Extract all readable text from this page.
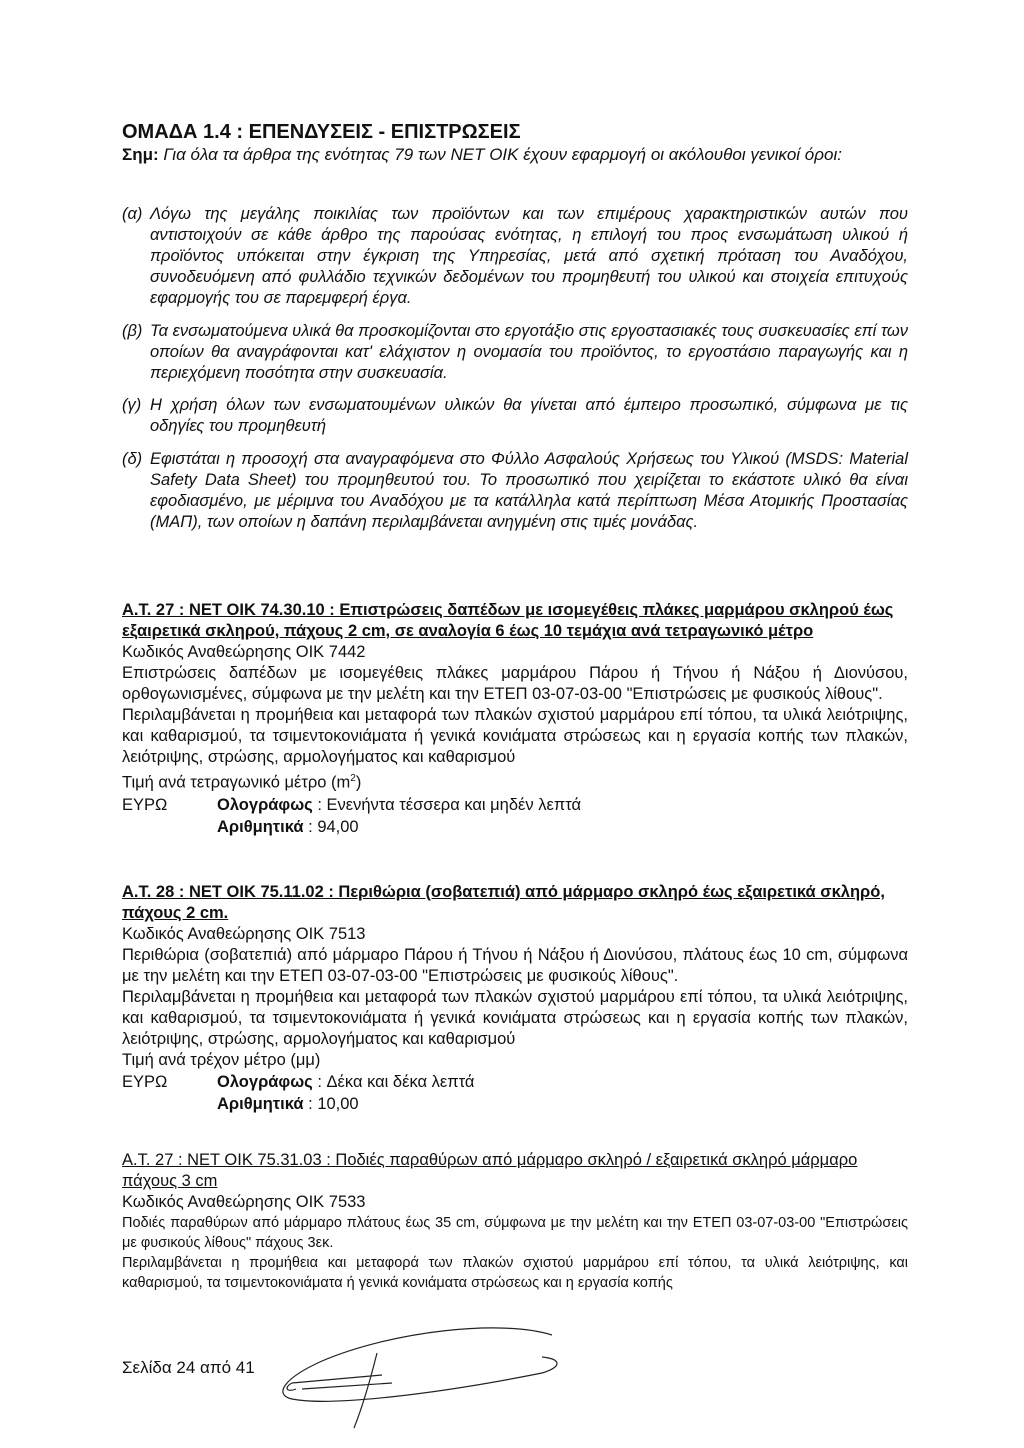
ΟΜΑΔΑ 1.4 : ΕΠΕΝΔΥΣΕΙΣ - ΕΠΙΣΤΡΩΣΕΙΣ
Σημ: Για όλα τα άρθρα της ενότητας 79 των ΝΕΤ ΟΙΚ έχουν εφαρμογή οι ακόλουθοι γενικοί όροι:
(α) Λόγω της μεγάλης ποικιλίας των προϊόντων και των επιμέρους χαρακτηριστικών αυτών που αντιστοιχούν σε κάθε άρθρο της παρούσας ενότητας, η επιλογή του προς ενσωμάτωση υλικού ή προϊόντος υπόκειται στην έγκριση της Υπηρεσίας, μετά από σχετική πρόταση του Αναδόχου, συνοδευόμενη από φυλλάδιο τεχνικών δεδομένων του προμηθευτή του υλικού και στοιχεία επιτυχούς εφαρμογής του σε παρεμφερή έργα.
(β) Τα ενσωματούμενα υλικά θα προσκομίζονται στο εργοτάξιο στις εργοστασιακές τους συσκευασίες επί των οποίων θα αναγράφονται κατ' ελάχιστον η ονομασία του προϊόντος, το εργοστάσιο παραγωγής και η περιεχόμενη ποσότητα στην συσκευασία.
(γ) Η χρήση όλων των ενσωματουμένων υλικών θα γίνεται από έμπειρο προσωπικό, σύμφωνα με τις οδηγίες του προμηθευτή
(δ) Εφιστάται η προσοχή στα αναγραφόμενα στο Φύλλο Ασφαλούς Χρήσεως του Υλικού (MSDS: Material Safety Data Sheet) του προμηθευτού του. Το προσωπικό που χειρίζεται το εκάστοτε υλικό θα είναι εφοδιασμένο, με μέριμνα του Αναδόχου με τα κατάλληλα κατά περίπτωση Μέσα Ατομικής Προστασίας (ΜΑΠ), των οποίων η δαπάνη περιλαμβάνεται ανηγμένη στις τιμές μονάδας.
Α.Τ. 27 : ΝΕΤ ΟΙΚ 74.30.10 : Επιστρώσεις δαπέδων με ισομεγέθεις πλάκες μαρμάρου σκληρού έως εξαιρετικά σκληρού, πάχους 2 cm, σε αναλογία 6 έως 10 τεμάχια ανά τετραγωνικό μέτρο
Κωδικός Αναθεώρησης ΟΙΚ 7442
Επιστρώσεις δαπέδων με ισομεγέθεις πλάκες μαρμάρου Πάρου ή Τήνου ή Νάξου ή Διονύσου, ορθογωνισμένες, σύμφωνα με την μελέτη και την ΕΤΕΠ 03-07-03-00 "Επιστρώσεις με φυσικούς λίθους".
Περιλαμβάνεται η προμήθεια και μεταφορά των πλακών σχιστού μαρμάρου επί τόπου, τα υλικά λειότριψης, και καθαρισμού, τα τσιμεντοκονιάματα ή γενικά κονιάματα στρώσεως και η εργασία κοπής των πλακών, λειότριψης, στρώσης, αρμολογήματος και καθαρισμού
Τιμή ανά τετραγωνικό μέτρο $(m^2)$
ΕΥΡΩ	Ολογράφως : Ενενήντα τέσσερα και μηδέν λεπτά
Αριθμητικά : 94,00
Α.Τ. 28 : ΝΕΤ ΟΙΚ 75.11.02 : Περιθώρια (σοβατεπιά) από μάρμαρο σκληρό έως εξαιρετικά σκληρό, πάχους 2 cm.
Κωδικός Αναθεώρησης ΟΙΚ 7513
Περιθώρια (σοβατεπιά) από μάρμαρο Πάρου ή Τήνου ή Νάξου ή Διονύσου, πλάτους έως 10 cm, σύμφωνα με την μελέτη και την ΕΤΕΠ 03-07-03-00 "Επιστρώσεις με φυσικούς λίθους".
Περιλαμβάνεται η προμήθεια και μεταφορά των πλακών σχιστού μαρμάρου επί τόπου, τα υλικά λειότριψης, και καθαρισμού, τα τσιμεντοκονιάματα ή γενικά κονιάματα στρώσεως και η εργασία κοπής των πλακών, λειότριψης, στρώσης, αρμολογήματος και καθαρισμού
Τιμή ανά τρέχον μέτρο (μμ)
ΕΥΡΩ	Ολογράφως : Δέκα και δέκα λεπτά
Αριθμητικά : 10,00
Α.Τ. 27 : ΝΕΤ ΟΙΚ 75.31.03 : Ποδιές παραθύρων από μάρμαρο σκληρό / εξαιρετικά σκληρό μάρμαρο πάχους 3 cm
Κωδικός Αναθεώρησης ΟΙΚ 7533
Ποδιές παραθύρων από μάρμαρο πλάτους έως 35 cm, σύμφωνα με την μελέτη και την ΕΤΕΠ 03-07-03-00 "Επιστρώσεις με φυσικούς λίθους" πάχους 3εκ.
Περιλαμβάνεται η προμήθεια και μεταφορά των πλακών σχιστού μαρμάρου επί τόπου, τα υλικά λειότριψης, και καθαρισμού, τα τσιμεντοκονιάματα ή γενικά κονιάματα στρώσεως και η εργασία κοπής
Σελίδα 24 από 41
